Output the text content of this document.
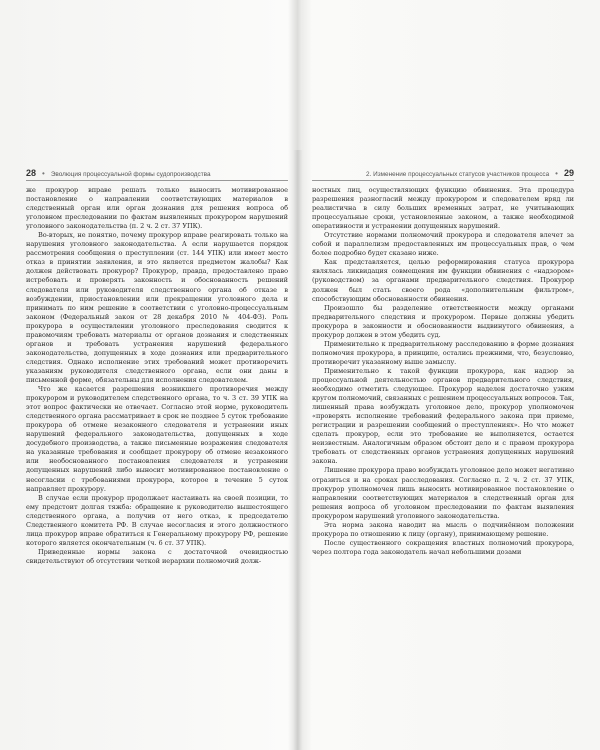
28 • Эволюция процессуальной формы судопроизводства

же прокурор вправе решать только выносить мотивированное постановление о направлении соответствующих материалов в следственный орган или орган дознания для решения вопроса об уголовном преследовании по фактам выявленных прокурором нарушений уголовного законодательства (п. 2 ч. 2 ст. 37 УПК).

Во-вторых, не понятно, почему прокурор вправе реагировать только на нарушения уголовного законодательства. А если нарушается порядок рассмотрения сообщения о преступлении (ст. 144 УПК) или имеет место отказ в принятии заявления, и это является предметом жалобы? Как должен действовать прокурор? Прокурор, правда, предоставлено право истребовать и проверять законность и обоснованность решений следователя или руководителя следственного органа об отказе в возбуждении, приостановлении или прекращении уголовного дела и принимать по ним решение в соответствии с уголовно-процессуальным законом (Федеральный закон от 28 декабря 2010 № 404-ФЗ). Роль прокурора в осуществлении уголовного преследования сводится к правомочиям требовать материалы от органов дознания и следственных органов и требовать устранения нарушений федерального законодательства, допущенных в ходе дознания или предварительного следствия. Однако исполнение этих требований может противоречить указаниям руководителя следственного органа, если они даны в письменной форме, обязательны для исполнения следователем.

Что же касается разрешения возникшего противоречия между прокурором и руководителем следственного органа, то ч. 3 ст. 39 УПК на этот вопрос фактически не отвечает. Согласно этой норме, руководитель следственного органа рассматривает в срок не позднее 5 суток требование прокурора об отмене незаконного следователя и устранении иных нарушений федерального законодательства, допущенных в ходе досудебного производства, а также письменные возражения следователя на указанные требования и сообщает прокурору об отмене незаконного или необоснованного постановления следователя и устранении допущенных нарушений либо выносит мотивированное постановление о несогласии с требованиями прокурора, которое в течение 5 суток направляет прокурору.

В случае если прокурор продолжает настаивать на своей позиции, то ему предстоит долгая тяжба: обращение к руководителю вышестоящего следственного органа, а получив от него отказ, к председателю Следственного комитета РФ. В случае несогласия и этого должностного лица прокурор вправе обратиться к Генеральному прокурору РФ, решение которого является окончательным (ч. 6 ст. 37 УПК).

Приведенные нормы закона с достаточной очевидностью свидетельствуют об отсутствии четкой иерархии полномочий долж-

2. Изменение процессуальных статусов участников процесса • 29

ностных лиц, осуществляющих функцию обвинения. Эта процедура разрешения разногласий между прокурором и следователем вряд ли реалистична в силу больших временных затрат, не учитывающих процессуальные сроки, установленные законом, а также необходимой оперативности и устранении допущенных нарушений.

Отсутствие нормами полномочий прокурора и следователя влечет за собой и параллелизм предоставленных им процессуальных прав, о чем более подробно будет сказано ниже.

Как представляется, целью реформирования статуса прокурора являлась ликвидация совмещения им функции обвинения с «надзором» (руководством) за органами предварительного следствия. Прокурор должен был стать своего рода «дополнительным фильтром», способствующим обоснованности обвинения.

Произошло бы разделение ответственности между органами предварительного следствия и прокурором. Первые должны убедить прокурора в законности и обоснованности выдвинутого обвинения, а прокурор должен в этом убедить суд.

Применительно к предварительному расследованию в форме дознания полномочия прокурора, в принципе, остались прежними, что, безусловно, противоречит указанному выше замыслу.

Применительно к такой функции прокурора, как надзор за процессуальной деятельностью органов предварительного следствия, необходимо отметить следующее. Прокурор наделен достаточно узким кругом полномочий, связанных с решением процессуальных вопросов. Так, лишенный права возбуждать уголовное дело, прокурор уполномочен «проверять исполнение требований федерального закона при приеме, регистрации и разрешении сообщений о преступлениях». Но что может сделать прокурор, если это требование не выполняется, остается неизвестным. Аналогичным образом обстоит дело и с правом прокурора требовать от следственных органов устранения допущенных нарушений закона.

Лишение прокурора право возбуждать уголовное дело может негативно отразиться и на сроках расследования. Согласно п. 2 ч. 2 ст. 37 УПК, прокурор уполномочен лишь выносить мотивированное постановление о направлении соответствующих материалов в следственный орган для решения вопроса об уголовном преследовании по фактам выявления прокурором нарушений уголовного законодательства.

Эта норма закона наводит на мысль о подчинённом положении прокурора по отношению к лицу (органу), принимающему решение.

После существенного сокращения властных полномочий прокурора, через полтора года законодатель начал небольшими дозами
